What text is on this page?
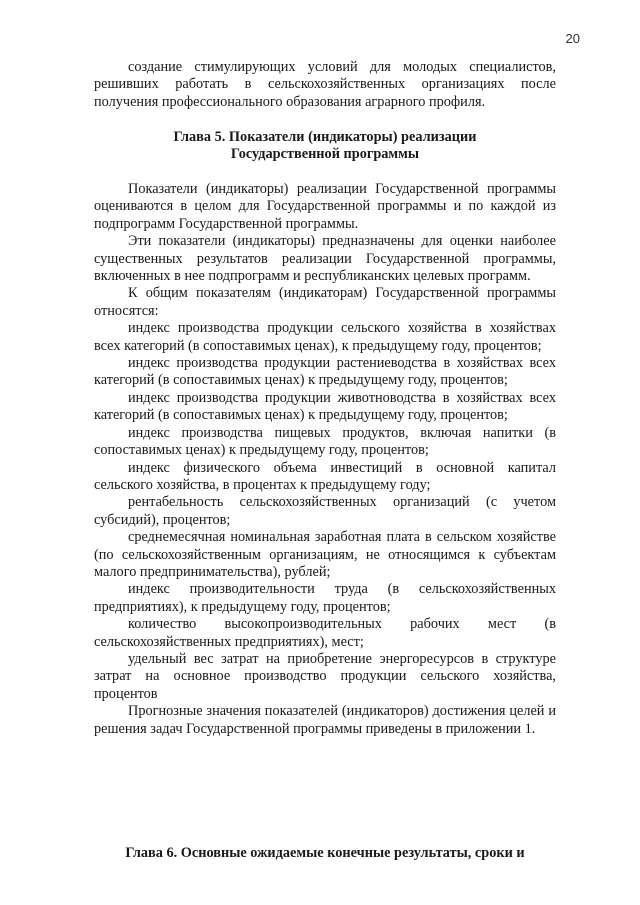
20

создание стимулирующих условий для молодых специалистов, решивших работать в сельскохозяйственных организациях после получения профессионального образования аграрного профиля.

Глава 5. Показатели (индикаторы) реализации
Государственной программы

Показатели (индикаторы) реализации Государственной программы оцениваются в целом для Государственной программы и по каждой из подпрограмм Государственной программы.

Эти показатели (индикаторы) предназначены для оценки наиболее существенных результатов реализации Государственной программы, включенных в нее подпрограмм и республиканских целевых программ.

К общим показателям (индикаторам) Государственной программы относятся:

индекс производства продукции сельского хозяйства в хозяйствах всех категорий (в сопоставимых ценах), к предыдущему году, процентов;

индекс производства продукции растениеводства в хозяйствах всех категорий (в сопоставимых ценах) к предыдущему году, процентов;

индекс производства продукции животноводства в хозяйствах всех категорий (в сопоставимых ценах) к предыдущему году, процентов;

индекс производства пищевых продуктов, включая напитки (в сопоставимых ценах) к предыдущему году, процентов;

индекс физического объема инвестиций в основной капитал сельского хозяйства, в процентах к предыдущему году;

рентабельность сельскохозяйственных организаций (с учетом субсидий), процентов;

среднемесячная номинальная заработная плата в сельском хозяйстве (по сельскохозяйственным организациям, не относящимся к субъектам малого предпринимательства), рублей;

индекс производительности труда (в сельскохозяйственных предприятиях), к предыдущему году, процентов;

количество высокопроизводительных рабочих мест (в сельскохозяйственных предприятиях), мест;

удельный вес затрат на приобретение энергоресурсов в структуре затрат на основное производство продукции сельского хозяйства, процентов

Прогнозные значения показателей (индикаторов) достижения целей и решения задач Государственной программы приведены в приложении 1.

Глава 6. Основные ожидаемые конечные результаты, сроки и
